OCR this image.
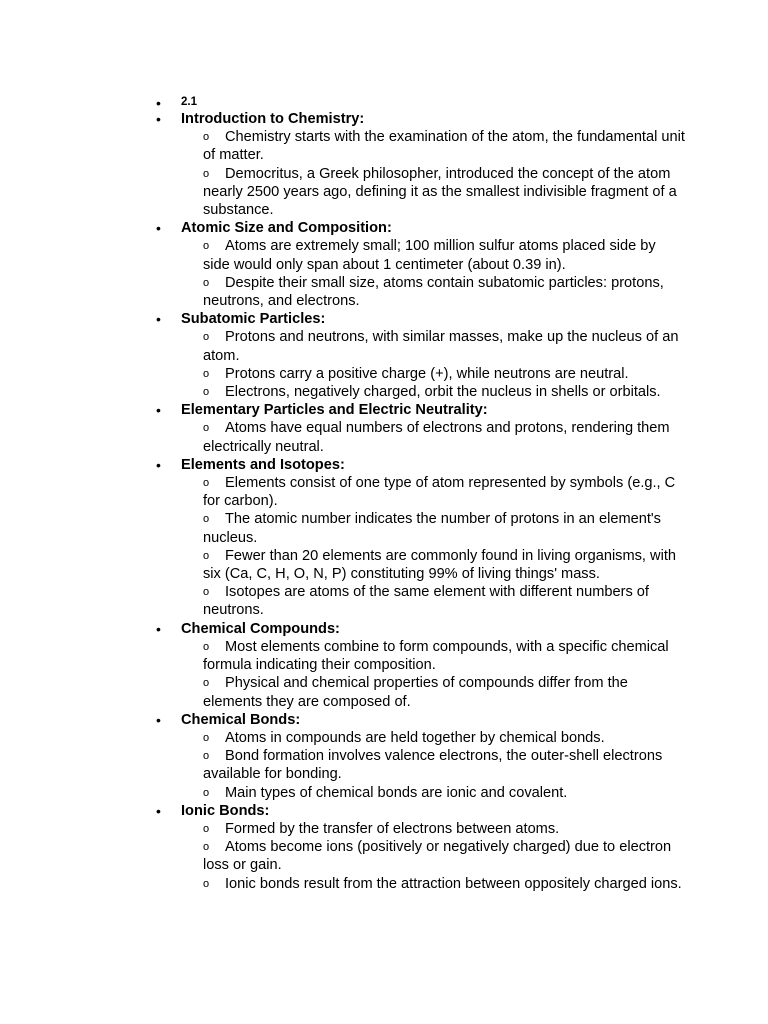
• 2.1
• Introduction to Chemistry:
o Chemistry starts with the examination of the atom, the fundamental unit of matter.
o Democritus, a Greek philosopher, introduced the concept of the atom nearly 2500 years ago, defining it as the smallest indivisible fragment of a substance.
• Atomic Size and Composition:
o Atoms are extremely small; 100 million sulfur atoms placed side by side would only span about 1 centimeter (about 0.39 in).
o Despite their small size, atoms contain subatomic particles: protons, neutrons, and electrons.
• Subatomic Particles:
o Protons and neutrons, with similar masses, make up the nucleus of an atom.
o Protons carry a positive charge (+), while neutrons are neutral.
o Electrons, negatively charged, orbit the nucleus in shells or orbitals.
• Elementary Particles and Electric Neutrality:
o Atoms have equal numbers of electrons and protons, rendering them electrically neutral.
• Elements and Isotopes:
o Elements consist of one type of atom represented by symbols (e.g., C for carbon).
o The atomic number indicates the number of protons in an element's nucleus.
o Fewer than 20 elements are commonly found in living organisms, with six (Ca, C, H, O, N, P) constituting 99% of living things' mass.
o Isotopes are atoms of the same element with different numbers of neutrons.
• Chemical Compounds:
o Most elements combine to form compounds, with a specific chemical formula indicating their composition.
o Physical and chemical properties of compounds differ from the elements they are composed of.
• Chemical Bonds:
o Atoms in compounds are held together by chemical bonds.
o Bond formation involves valence electrons, the outer-shell electrons available for bonding.
o Main types of chemical bonds are ionic and covalent.
• Ionic Bonds:
o Formed by the transfer of electrons between atoms.
o Atoms become ions (positively or negatively charged) due to electron loss or gain.
o Ionic bonds result from the attraction between oppositely charged ions.
